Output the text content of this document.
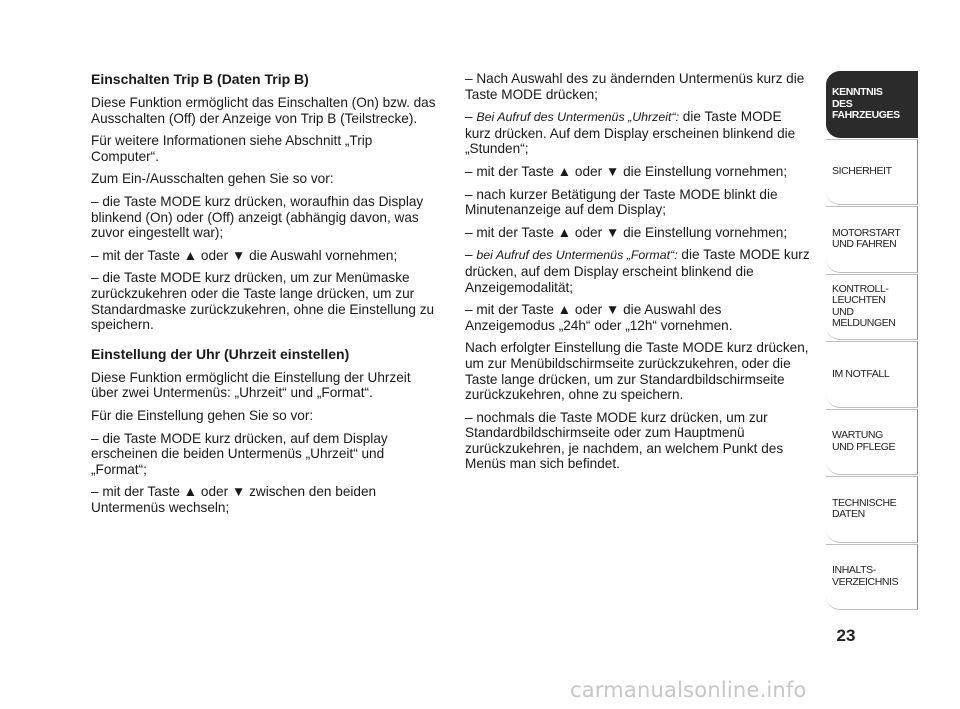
Einschalten Trip B (Daten Trip B)

Diese Funktion ermöglicht das Einschalten (On) bzw. das Ausschalten (Off) der Anzeige von Trip B (Teilstrecke).

Für weitere Informationen siehe Abschnitt „Trip Computer“.

Zum Ein-/Ausschalten gehen Sie so vor:

– die Taste MODE kurz drücken, woraufhin das Display blinkend (On) oder (Off) anzeigt (abhängig davon, was zuvor eingestellt war);

– mit der Taste ▲ oder ▼ die Auswahl vornehmen;

– die Taste MODE kurz drücken, um zur Menümaske zurückzukehren oder die Taste lange drücken, um zur Standardmaske zurückzukehren, ohne die Einstellung zu speichern.

Einstellung der Uhr (Uhrzeit einstellen)

Diese Funktion ermöglicht die Einstellung der Uhrzeit über zwei Untermenüs: „Uhrzeit“ und „Format“.

Für die Einstellung gehen Sie so vor:

– die Taste MODE kurz drücken, auf dem Display erscheinen die beiden Untermenüs „Uhrzeit“ und „Format“;

– mit der Taste ▲ oder ▼ zwischen den beiden Untermenüs wechseln;

– Nach Auswahl des zu ändernden Untermenüs kurz die Taste MODE drücken;

– Bei Aufruf des Untermenüs „Uhrzeit“: die Taste MODE kurz drücken. Auf dem Display erscheinen blinkend die „Stunden“;

– mit der Taste ▲ oder ▼ die Einstellung vornehmen;

– nach kurzer Betätigung der Taste MODE blinkt die Minutenanzeige auf dem Display;

– mit der Taste ▲ oder ▼ die Einstellung vornehmen;

– bei Aufruf des Untermenüs „Format“: die Taste MODE kurz drücken, auf dem Display erscheint blinkend die Anzeigemodalität;

– mit der Taste ▲ oder ▼ die Auswahl des Anzeigemodus „24h“ oder „12h“ vornehmen.

Nach erfolgter Einstellung die Taste MODE kurz drücken, um zur Menübildschirmseite zurückzukehren, oder die Taste lange drücken, um zur Standardbildschirmseite zurückzukehren, ohne zu speichern.

– nochmals die Taste MODE kurz drücken, um zur Standardbildschirmseite oder zum Hauptmenü zurückzukehren, je nachdem, an welchem Punkt des Menüs man sich befindet.

KENNTNIS
DES FAHRZEUGES
SICHERHEIT
MOTORSTART
UND FAHREN
KONTROLL-
LEUCHTEN
UND MELDUNGEN
IM NOTFALL
WARTUNG
UND PFLEGE
TECHNISCHE
DATEN
INHALTS-
VERZEICHNIS
23
carmanualsonline.info
